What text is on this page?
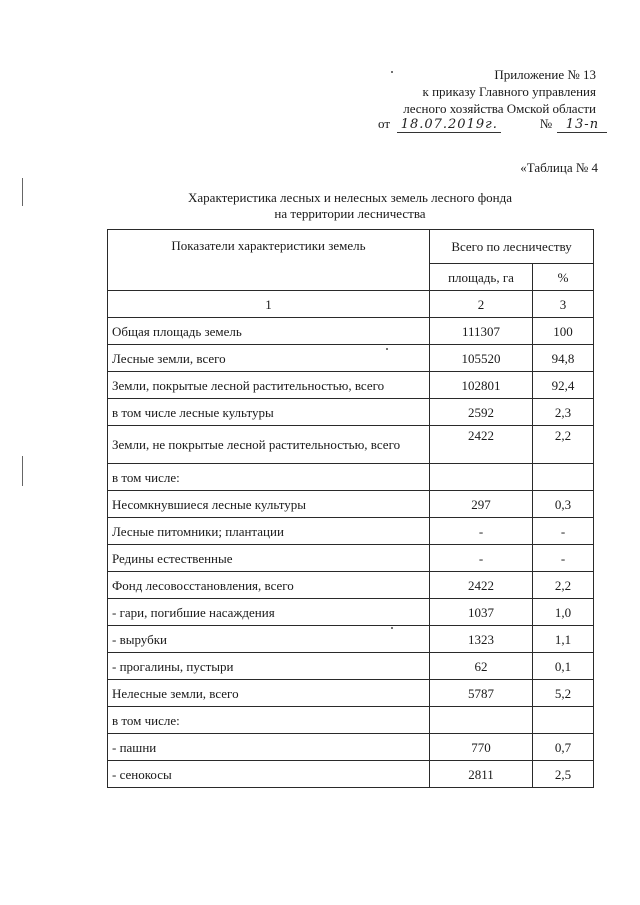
Приложение № 13
к приказу Главного управления
лесного хозяйства Омской области
от 18.07.2019г.	№ 13-п
«Таблица № 4
Характеристика лесных и нелесных земель лесного фонда
на территории лесничества
Показатели характеристики земель	Всего по лесничеству	
	площадь, га	%
1	2	3
Общая площадь земель	111307	100
Лесные земли, всего	105520	94,8
Земли, покрытые лесной растительностью, всего	102801	92,4
в том числе лесные культуры	2592	2,3
Земли, не покрытые лесной растительностью, всего	2422	2,2
в том числе:		
Несомкнувшиеся лесные культуры	297	0,3
Лесные питомники; плантации	-	-
Редины естественные	-	-
Фонд лесовосстановления, всего	2422	2,2
- гари, погибшие насаждения	1037	1,0
- вырубки	1323	1,1
- прогалины, пустыри	62	0,1
Нелесные земли, всего	5787	5,2
в том числе:		
- пашни	770	0,7
- сенокосы	2811	2,5
